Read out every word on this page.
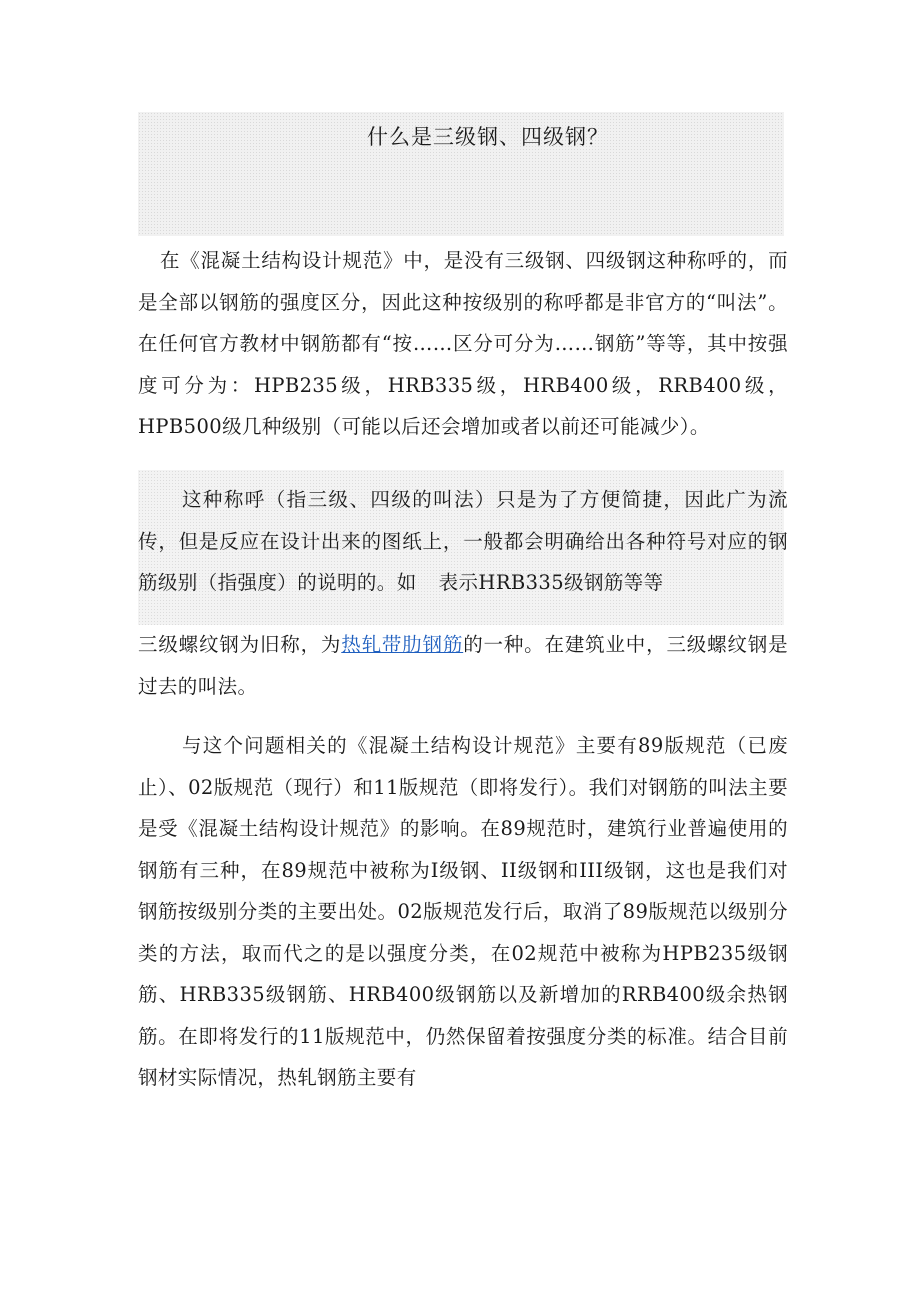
什么是三级钢、四级钢？

在《混凝土结构设计规范》中，是没有三级钢、四级钢这种称呼的，而是全部以钢筋的强度区分，因此这种按级别的称呼都是非官方的“叫法”。在任何官方教材中钢筋都有“按……区分可分为……钢筋”等等，其中按强度可分为：HPB235级，HRB335级，HRB400级，RRB400级，HPB500级几种级别（可能以后还会增加或者以前还可能减少）。

这种称呼（指三级、四级的叫法）只是为了方便简捷，因此广为流传，但是反应在设计出来的图纸上，一般都会明确给出各种符号对应的钢筋级别（指强度）的说明的。如 表示HRB335级钢筋等等

三级螺纹钢为旧称，为热轧带肋钢筋的一种。在建筑业中，三级螺纹钢是过去的叫法。

与这个问题相关的《混凝土结构设计规范》主要有89版规范（已废止）、02版规范（现行）和11版规范（即将发行）。我们对钢筋的叫法主要是受《混凝土结构设计规范》的影响。在89规范时，建筑行业普遍使用的钢筋有三种，在89规范中被称为I级钢、II级钢和III级钢，这也是我们对钢筋按级别分类的主要出处。02版规范发行后，取消了89版规范以级别分类的方法，取而代之的是以强度分类，在02规范中被称为HPB235级钢筋、HRB335级钢筋、HRB400级钢筋以及新增加的RRB400级余热钢筋。在即将发行的11版规范中，仍然保留着按强度分类的标准。结合目前钢材实际情况，热轧钢筋主要有
